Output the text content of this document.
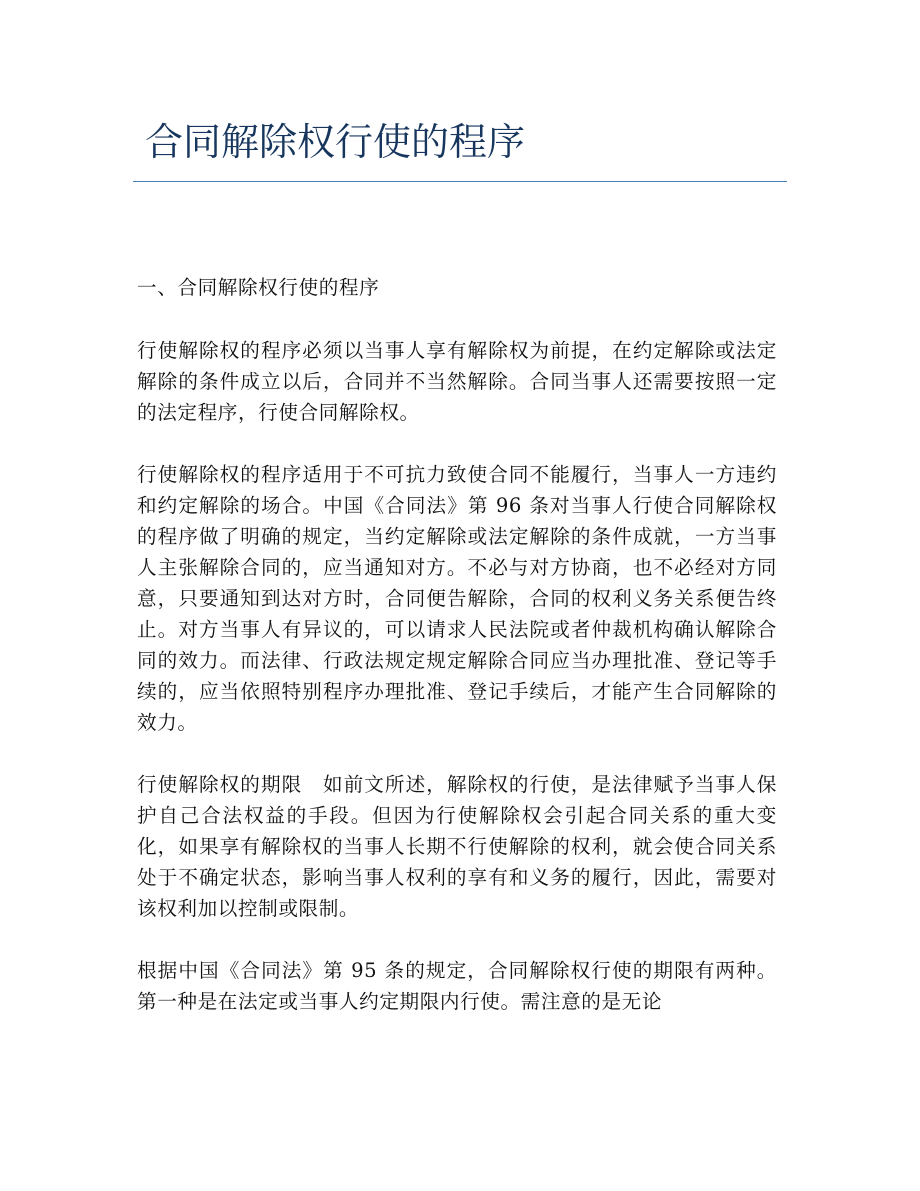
合同解除权行使的程序

一、合同解除权行使的程序

行使解除权的程序必须以当事人享有解除权为前提，在约定解除或法定解除的条件成立以后，合同并不当然解除。合同当事人还需要按照一定的法定程序，行使合同解除权。

行使解除权的程序适用于不可抗力致使合同不能履行，当事人一方违约和约定解除的场合。中国《合同法》第 96 条对当事人行使合同解除权的程序做了明确的规定，当约定解除或法定解除的条件成就，一方当事人主张解除合同的，应当通知对方。不必与对方协商，也不必经对方同意，只要通知到达对方时，合同便告解除，合同的权利义务关系便告终止。对方当事人有异议的，可以请求人民法院或者仲裁机构确认解除合同的效力。而法律、行政法规定规定解除合同应当办理批准、登记等手续的，应当依照特别程序办理批准、登记手续后，才能产生合同解除的效力。

行使解除权的期限　如前文所述，解除权的行使，是法律赋予当事人保护自己合法权益的手段。但因为行使解除权会引起合同关系的重大变化，如果享有解除权的当事人长期不行使解除的权利，就会使合同关系处于不确定状态，影响当事人权利的享有和义务的履行，因此，需要对该权利加以控制或限制。

根据中国《合同法》第 95 条的规定，合同解除权行使的期限有两种。第一种是在法定或当事人约定期限内行使。需注意的是无论
